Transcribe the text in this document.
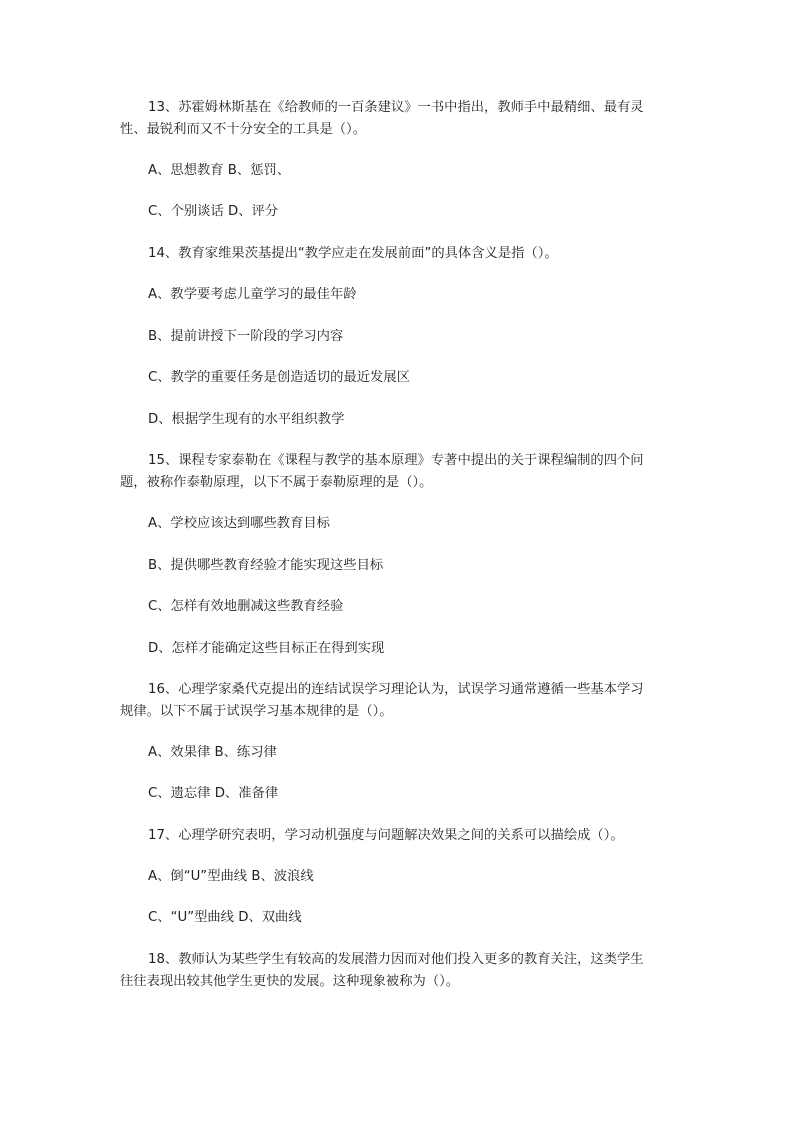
13、苏霍姆林斯基在《给教师的一百条建议》一书中指出，教师手中最精细、最有灵
性、最锐利而又不十分安全的工具是（）。
A、思想教育 B、惩罚、
C、个别谈话 D、评分
14、教育家维果茨基提出“教学应走在发展前面”的具体含义是指（）。
A、教学要考虑儿童学习的最佳年龄
B、提前讲授下一阶段的学习内容
C、教学的重要任务是创造适切的最近发展区
D、根据学生现有的水平组织教学
15、课程专家泰勒在《课程与教学的基本原理》专著中提出的关于课程编制的四个问
题，被称作泰勒原理，以下不属于泰勒原理的是（）。
A、学校应该达到哪些教育目标
B、提供哪些教育经验才能实现这些目标
C、怎样有效地删减这些教育经验
D、怎样才能确定这些目标正在得到实现
16、心理学家桑代克提出的连结试误学习理论认为，试误学习通常遵循一些基本学习
规律。以下不属于试误学习基本规律的是（）。
A、效果律 B、练习律
C、遗忘律 D、准备律
17、心理学研究表明，学习动机强度与问题解决效果之间的关系可以描绘成（）。
A、倒“U”型曲线 B、波浪线
C、“U”型曲线 D、双曲线
18、教师认为某些学生有较高的发展潜力因而对他们投入更多的教育关注，这类学生
往往表现出较其他学生更快的发展。这种现象被称为（）。
